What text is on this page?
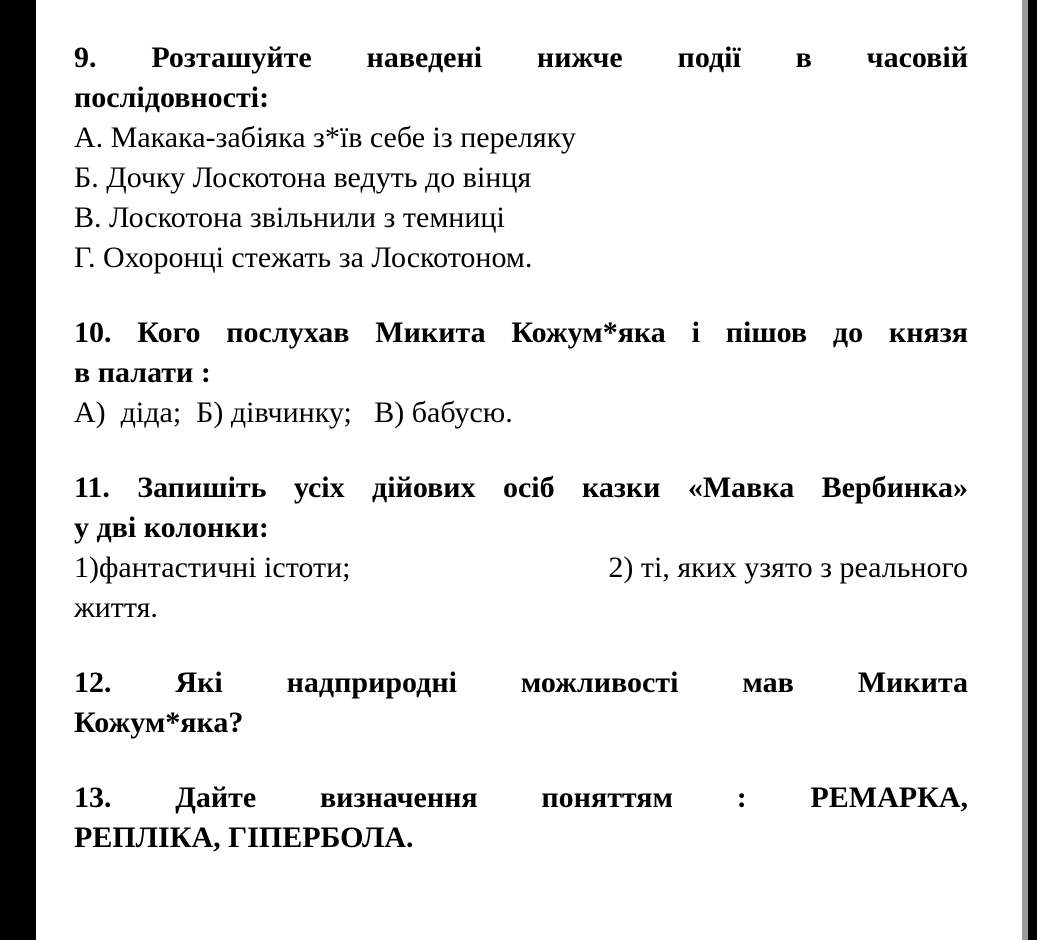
9. Розташуйте наведені нижче події в часовій

послідовності:

А. Макака-забіяка з*їв себе із переляку

Б. Дочку Лоскотона ведуть до вінця

В. Лоскотона звільнили з темниці

Г. Охоронці стежать за Лоскотоном.

10. Кого послухав Микита Кожум*яка і пішов до князя

в палати :

А)  діда;  Б) дівчинку;   В) бабусю.

11. Запишіть усіх дійових осіб казки «Мавка Вербинка»

у дві колонки:

1)фантастичні істоти;	2) ті, яких узято з реального

життя.

12. Які надприродні можливості мав Микита

Кожум*яка?

13. Дайте визначення поняттям : РЕМАРКА,

РЕПЛІКА, ГІПЕРБОЛА.
